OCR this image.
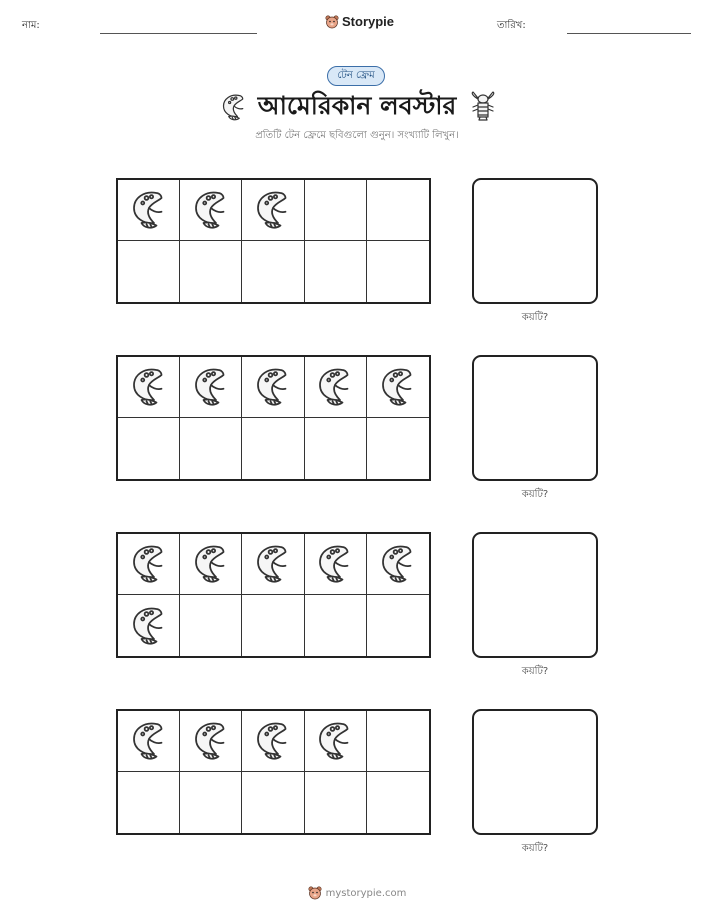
নাম:	Storypie	তারিখ:
টেন ফ্রেম
আমেরিকান লবস্টার
প্রতিটি টেন ফ্রেমে ছবিগুলো গুনুন। সংখ্যাটি লিখুন।
কয়টি?
কয়টি?
কয়টি?
কয়টি?
mystorypie.com
